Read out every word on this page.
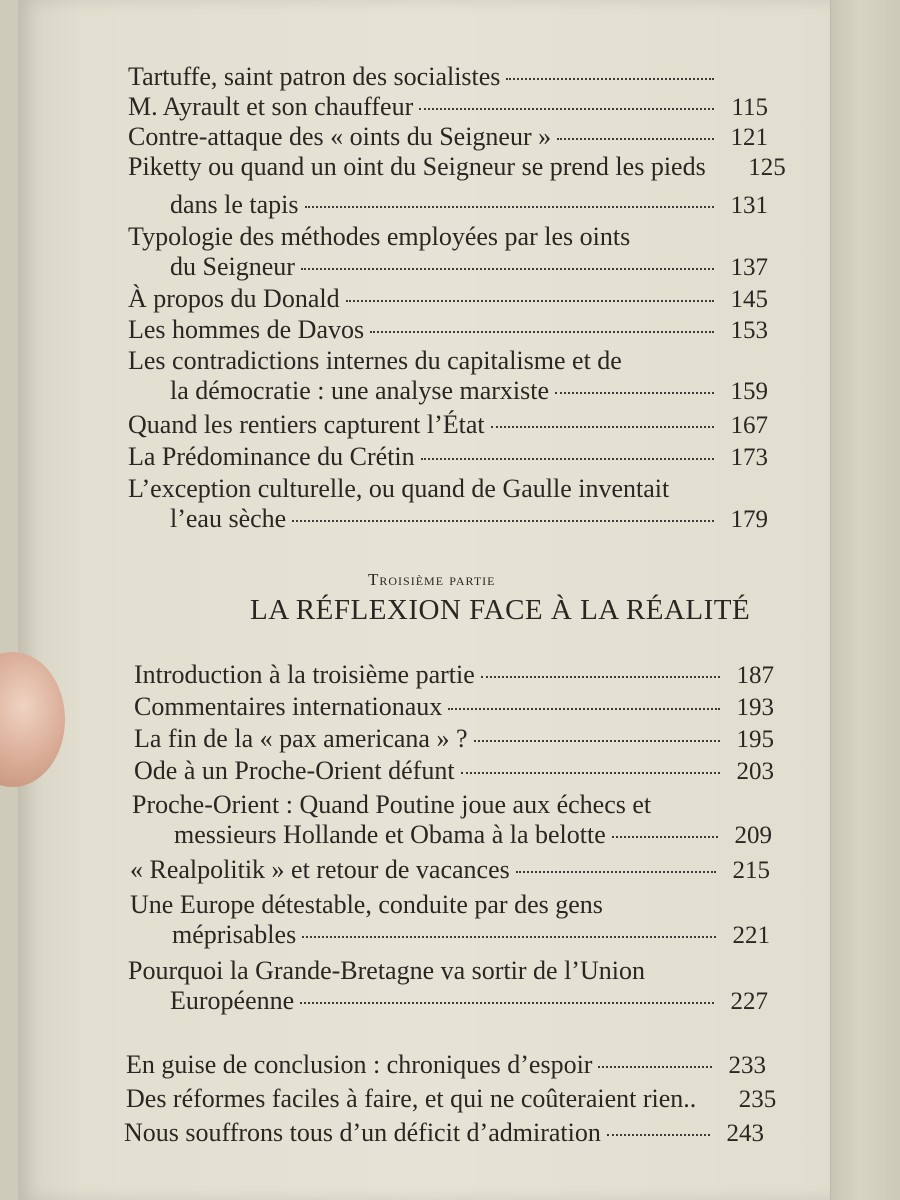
Tartuffe, saint patron des socialistes
M. Ayrault et son chauffeur	115
Contre-attaque des « oints du Seigneur »	121
Piketty ou quand un oint du Seigneur se prend les pieds	125
dans le tapis	131
Typologie des méthodes employées par les oints
du Seigneur	137
À propos du Donald	145
Les hommes de Davos	153
Les contradictions internes du capitalisme et de
la démocratie : une analyse marxiste	159
Quand les rentiers capturent l’État	167
La Prédominance du Crétin	173
L’exception culturelle, ou quand de Gaulle inventait
l’eau sèche	179
Troisième partie
LA RÉFLEXION FACE À LA RÉALITÉ
Introduction à la troisième partie	187
Commentaires internationaux	193
La fin de la « pax americana » ?	195
Ode à un Proche-Orient défunt	203
Proche-Orient : Quand Poutine joue aux échecs et
messieurs Hollande et Obama à la belotte	209
« Realpolitik » et retour de vacances	215
Une Europe détestable, conduite par des gens
méprisables	221
Pourquoi la Grande-Bretagne va sortir de l’Union
Européenne	227
En guise de conclusion : chroniques d’espoir	233
Des réformes faciles à faire, et qui ne coûteraient rien..	235
Nous souffrons tous d’un déficit d’admiration	243
